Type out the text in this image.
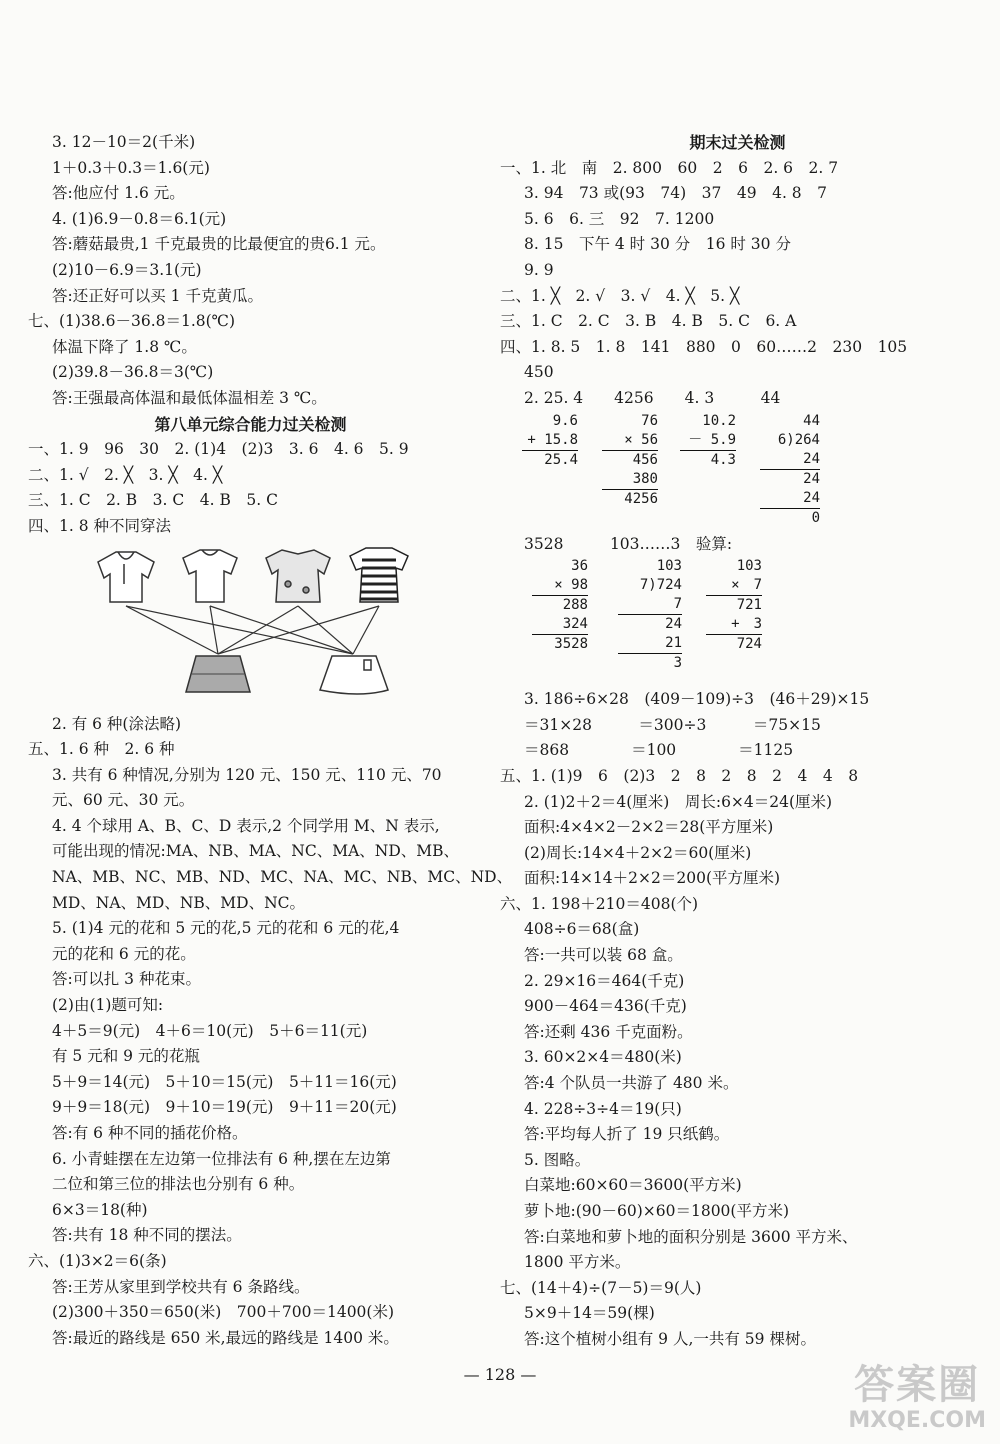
3. 12－10＝2(千米)
1＋0.3＋0.3＝1.6(元)
答:他应付 1.6 元。
4. (1)6.9－0.8＝6.1(元)
答:蘑菇最贵,1 千克最贵的比最便宜的贵6.1 元。
(2)10－6.9＝3.1(元)
答:还正好可以买 1 千克黄瓜。
七、(1)38.6－36.8＝1.8(℃)
体温下降了 1.8 ℃。
(2)39.8－36.8＝3(℃)
答:王强最高体温和最低体温相差 3 ℃。
第八单元综合能力过关检测
一、1. 9　96　30　2. (1)4　(2)3　3. 6　4. 6　5. 9
二、1. √　2. ╳　3. ╳　4. ╳
三、1. C　2. B　3. C　4. B　5. C
四、1. 8 种不同穿法
2. 有 6 种(涂法略)
五、1. 6 种　2. 6 种
3. 共有 6 种情况,分别为 120 元、150 元、110 元、70
元、60 元、30 元。
4. 4 个球用 A、B、C、D 表示,2 个同学用 M、N 表示,
可能出现的情况:MA、NB、MA、NC、MA、ND、MB、
NA、MB、NC、MB、ND、MC、NA、MC、NB、MC、ND、
MD、NA、MD、NB、MD、NC。
5. (1)4 元的花和 5 元的花,5 元的花和 6 元的花,4
元的花和 6 元的花。
答:可以扎 3 种花束。
(2)由(1)题可知:
4＋5＝9(元)　4＋6＝10(元)　5＋6＝11(元)
有 5 元和 9 元的花瓶
5＋9＝14(元)　5＋10＝15(元)　5＋11＝16(元)
9＋9＝18(元)　9＋10＝19(元)　9＋11＝20(元)
答:有 6 种不同的插花价格。
6. 小青蛙摆在左边第一位排法有 6 种,摆在左边第
二位和第三位的排法也分别有 6 种。
6×3＝18(种)
答:共有 18 种不同的摆法。
六、(1)3×2＝6(条)
答:王芳从家里到学校共有 6 条路线。
(2)300＋350＝650(米)　700＋700＝1400(米)
答:最近的路线是 650 米,最远的路线是 1400 米。
期末过关检测
一、1. 北　南　2. 800　60　2　6　2. 6　2. 7
3. 94　73 或(93　74)　37　49　4. 8　7
5. 6　6. 三　92　7. 1200
8. 15　下午 4 时 30 分　16 时 30 分
9. 9
二、1. ╳　2. √　3. √　4. ╳　5. ╳
三、1. C　2. C　3. B　4. B　5. C　6. A
四、1. 8. 5　1. 8　141　880　0　60……2　230　105
450
2. 25. 4　　4256　　4. 3　　　44
9.6
+ 15.8
25.4
76
× 56
456
380
4256
10.2
－ 5.9
4.3
44
6)264
24
24
24
0
3528　　　103……3　验算:
36
× 98
288
324
3528
103
7)724
7
24
21
3
103
×　7
721
+　3
724
3. 186÷6×28　(409－109)÷3　(46＋29)×15
＝31×28　　　＝300÷3　　　＝75×15
＝868　　　　＝100　　　　＝1125
五、1. (1)9　6　(2)3　2　8　2　8　2　4　4　8
2. (1)2＋2＝4(厘米)　周长:6×4＝24(厘米)
面积:4×4×2－2×2＝28(平方厘米)
(2)周长:14×4＋2×2＝60(厘米)
面积:14×14＋2×2＝200(平方厘米)
六、1. 198＋210＝408(个)
408÷6＝68(盒)
答:一共可以装 68 盒。
2. 29×16＝464(千克)
900－464＝436(千克)
答:还剩 436 千克面粉。
3. 60×2×4＝480(米)
答:4 个队员一共游了 480 米。
4. 228÷3÷4＝19(只)
答:平均每人折了 19 只纸鹤。
5. 图略。
白菜地:60×60＝3600(平方米)
萝卜地:(90－60)×60＝1800(平方米)
答:白菜地和萝卜地的面积分别是 3600 平方米、
1800 平方米。
七、(14＋4)÷(7－5)＝9(人)
5×9＋14＝59(棵)
答:这个植树小组有 9 人,一共有 59 棵树。
— 128 —	答案圈
MXQE.COM
